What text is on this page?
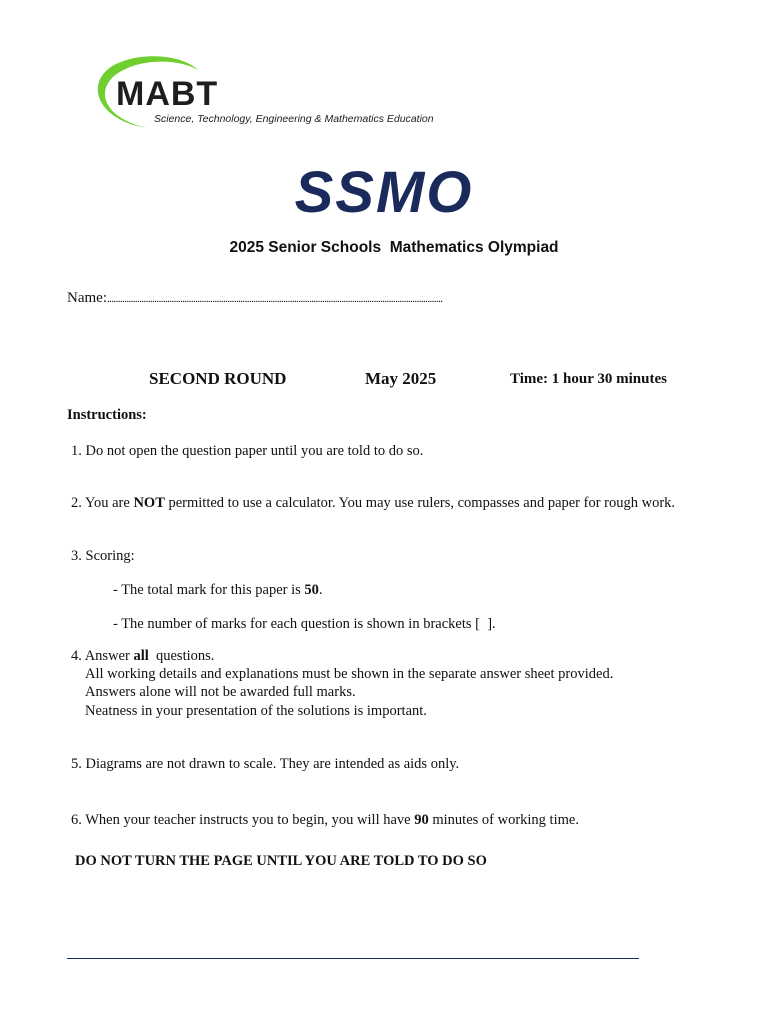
MABT
Science, Technology, Engineering & Mathematics Education
SSMO
2025 Senior Schools  Mathematics Olympiad
Name:............................................................................................................................................................
SECOND ROUND	May 2025	Time: 1 hour 30 minutes
Instructions:
1. Do not open the question paper until you are told to do so.
2. You are NOT permitted to use a calculator. You may use rulers, compasses and paper for rough work.
3. Scoring:
- The total mark for this paper is 50.
- The number of marks for each question is shown in brackets [  ].
4. Answer all  questions.
All working details and explanations must be shown in the separate answer sheet provided.
Answers alone will not be awarded full marks.
Neatness in your presentation of the solutions is important.
5. Diagrams are not drawn to scale. They are intended as aids only.
6. When your teacher instructs you to begin, you will have 90 minutes of working time.
DO NOT TURN THE PAGE UNTIL YOU ARE TOLD TO DO SO
